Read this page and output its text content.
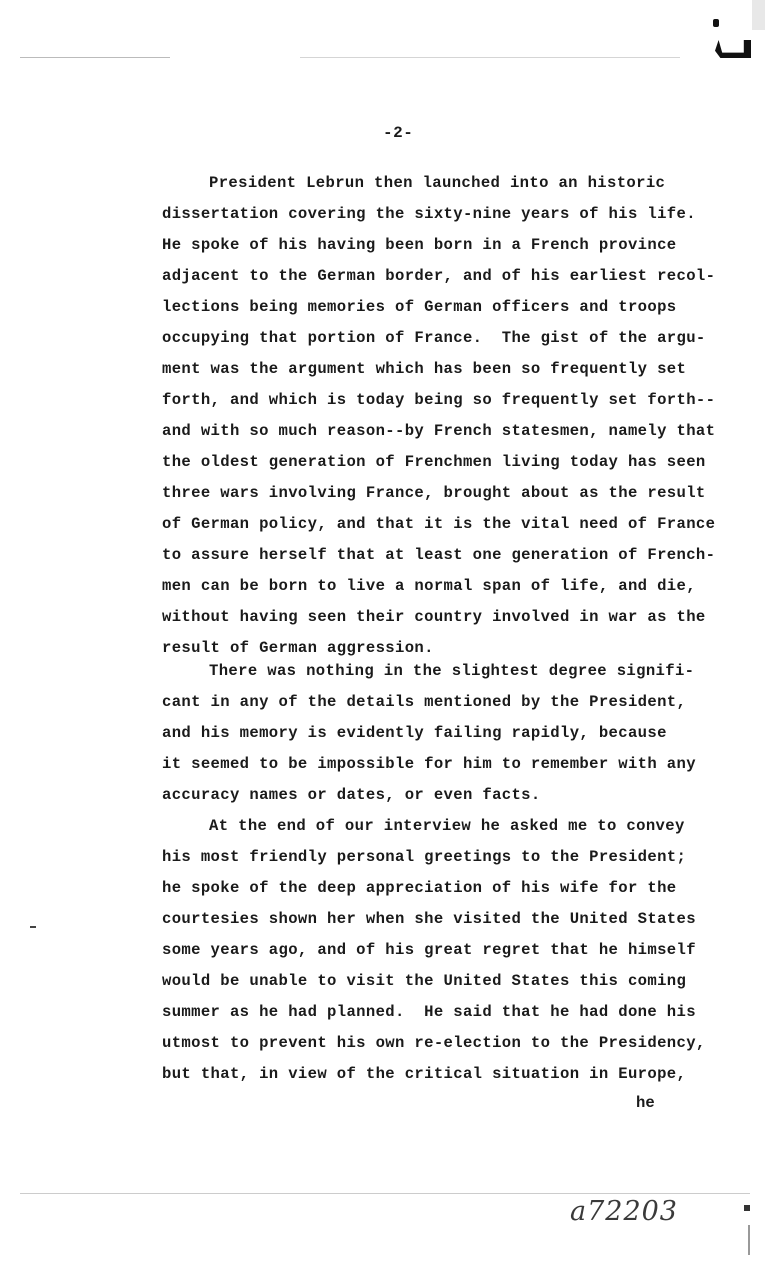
-2-
President Lebrun then launched into an historic
dissertation covering the sixty-nine years of his life.
He spoke of his having been born in a French province
adjacent to the German border, and of his earliest recol-
lections being memories of German officers and troops
occupying that portion of France.  The gist of the argu-
ment was the argument which has been so frequently set
forth, and which is today being so frequently set forth--
and with so much reason--by French statesmen, namely that
the oldest generation of Frenchmen living today has seen
three wars involving France, brought about as the result
of German policy, and that it is the vital need of France
to assure herself that at least one generation of French-
men can be born to live a normal span of life, and die,
without having seen their country involved in war as the
result of German aggression.
There was nothing in the slightest degree signifi-
cant in any of the details mentioned by the President,
and his memory is evidently failing rapidly, because
it seemed to be impossible for him to remember with any
accuracy names or dates, or even facts.
At the end of our interview he asked me to convey
his most friendly personal greetings to the President;
he spoke of the deep appreciation of his wife for the
courtesies shown her when she visited the United States
some years ago, and of his great regret that he himself
would be unable to visit the United States this coming
summer as he had planned.  He said that he had done his
utmost to prevent his own re-election to the Presidency,
but that, in view of the critical situation in Europe,
he
a72203
